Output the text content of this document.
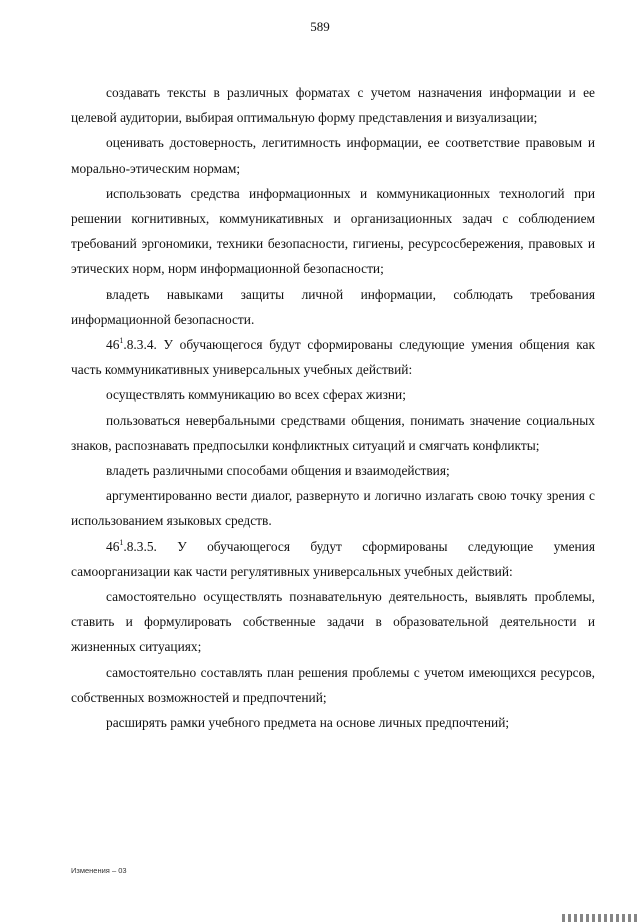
589

создавать тексты в различных форматах с учетом назначения информации и ее целевой аудитории, выбирая оптимальную форму представления и визуализации;

оценивать достоверность, легитимность информации, ее соответствие правовым и морально-этическим нормам;

использовать средства информационных и коммуникационных технологий при решении когнитивных, коммуникативных и организационных задач с соблюдением требований эргономики, техники безопасности, гигиены, ресурсосбережения, правовых и этических норм, норм информационной безопасности;

владеть навыками защиты личной информации, соблюдать требования информационной безопасности.

$46^1.8.3.4$. У обучающегося будут сформированы следующие умения общения как часть коммуникативных универсальных учебных действий:

осуществлять коммуникацию во всех сферах жизни;

пользоваться невербальными средствами общения, понимать значение социальных знаков, распознавать предпосылки конфликтных ситуаций и смягчать конфликты;

владеть различными способами общения и взаимодействия;

аргументированно вести диалог, развернуто и логично излагать свою точку зрения с использованием языковых средств.

$46^1.8.3.5$. У обучающегося будут сформированы следующие умения самоорганизации как части регулятивных универсальных учебных действий:

самостоятельно осуществлять познавательную деятельность, выявлять проблемы, ставить и формулировать собственные задачи в образовательной деятельности и жизненных ситуациях;

самостоятельно составлять план решения проблемы с учетом имеющихся ресурсов, собственных возможностей и предпочтений;

расширять рамки учебного предмета на основе личных предпочтений;

Изменения – 03
